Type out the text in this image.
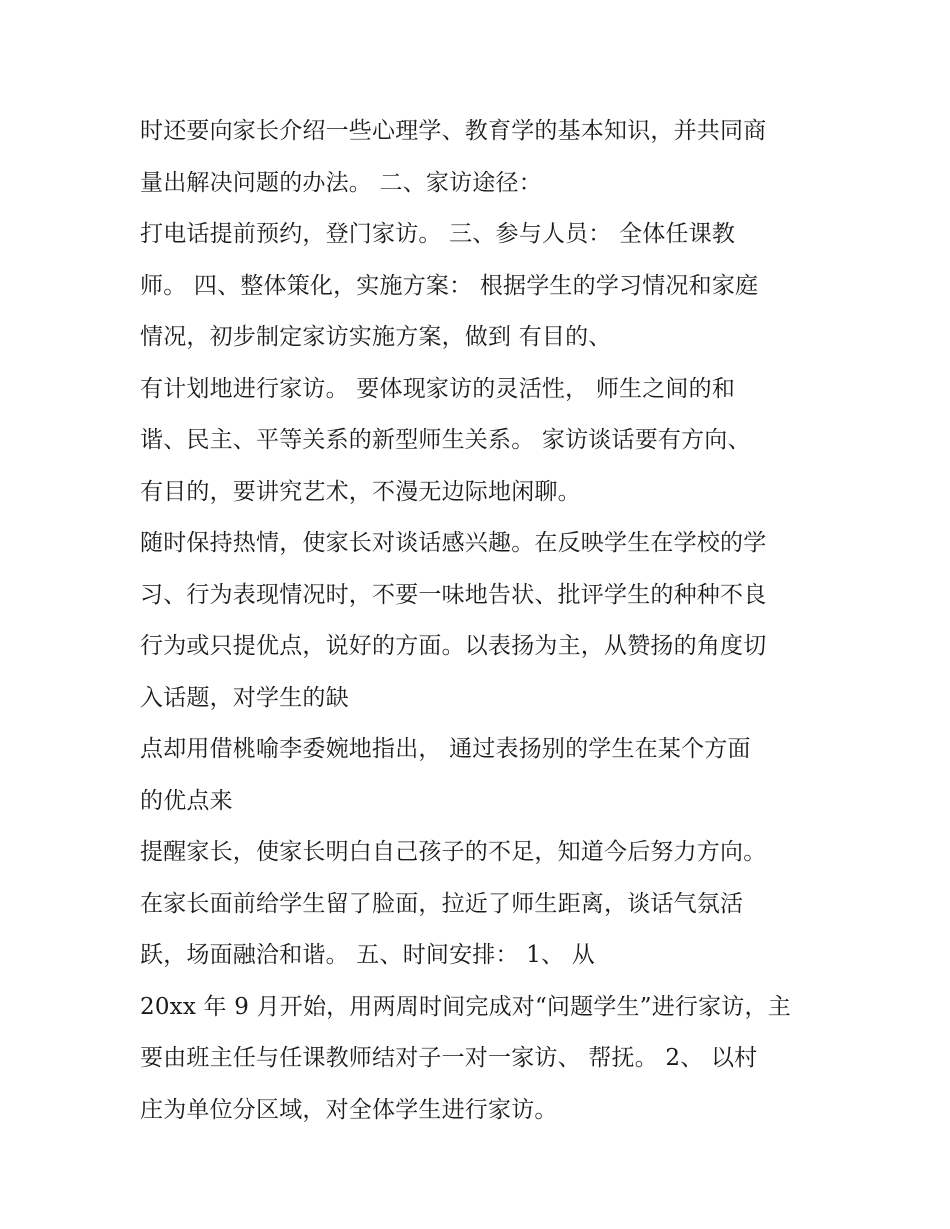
时还要向家长介绍一些心理学、教育学的基本知识，并共同商
量出解决问题的办法。 二、家访途径：
打电话提前预约，登门家访。 三、参与人员： 全体任课教
师。 四、整体策化，实施方案： 根据学生的学习情况和家庭
情况，初步制定家访实施方案，做到 有目的、
有计划地进行家访。 要体现家访的灵活性， 师生之间的和
谐、民主、平等关系的新型师生关系。 家访谈话要有方向、
有目的，要讲究艺术，不漫无边际地闲聊。
随时保持热情，使家长对谈话感兴趣。在反映学生在学校的学
习、行为表现情况时，不要一味地告状、批评学生的种种不良
行为或只提优点，说好的方面。以表扬为主，从赞扬的角度切
入话题，对学生的缺
点却用借桃喻李委婉地指出， 通过表扬别的学生在某个方面
的优点来
提醒家长，使家长明白自己孩子的不足，知道今后努力方向。
在家长面前给学生留了脸面，拉近了师生距离，谈话气氛活
跃，场面融洽和谐。 五、时间安排： 1、 从
20xx 年 9 月开始，用两周时间完成对“问题学生”进行家访，主
要由班主任与任课教师结对子一对一家访、 帮抚。 2、 以村
庄为单位分区域，对全体学生进行家访。
